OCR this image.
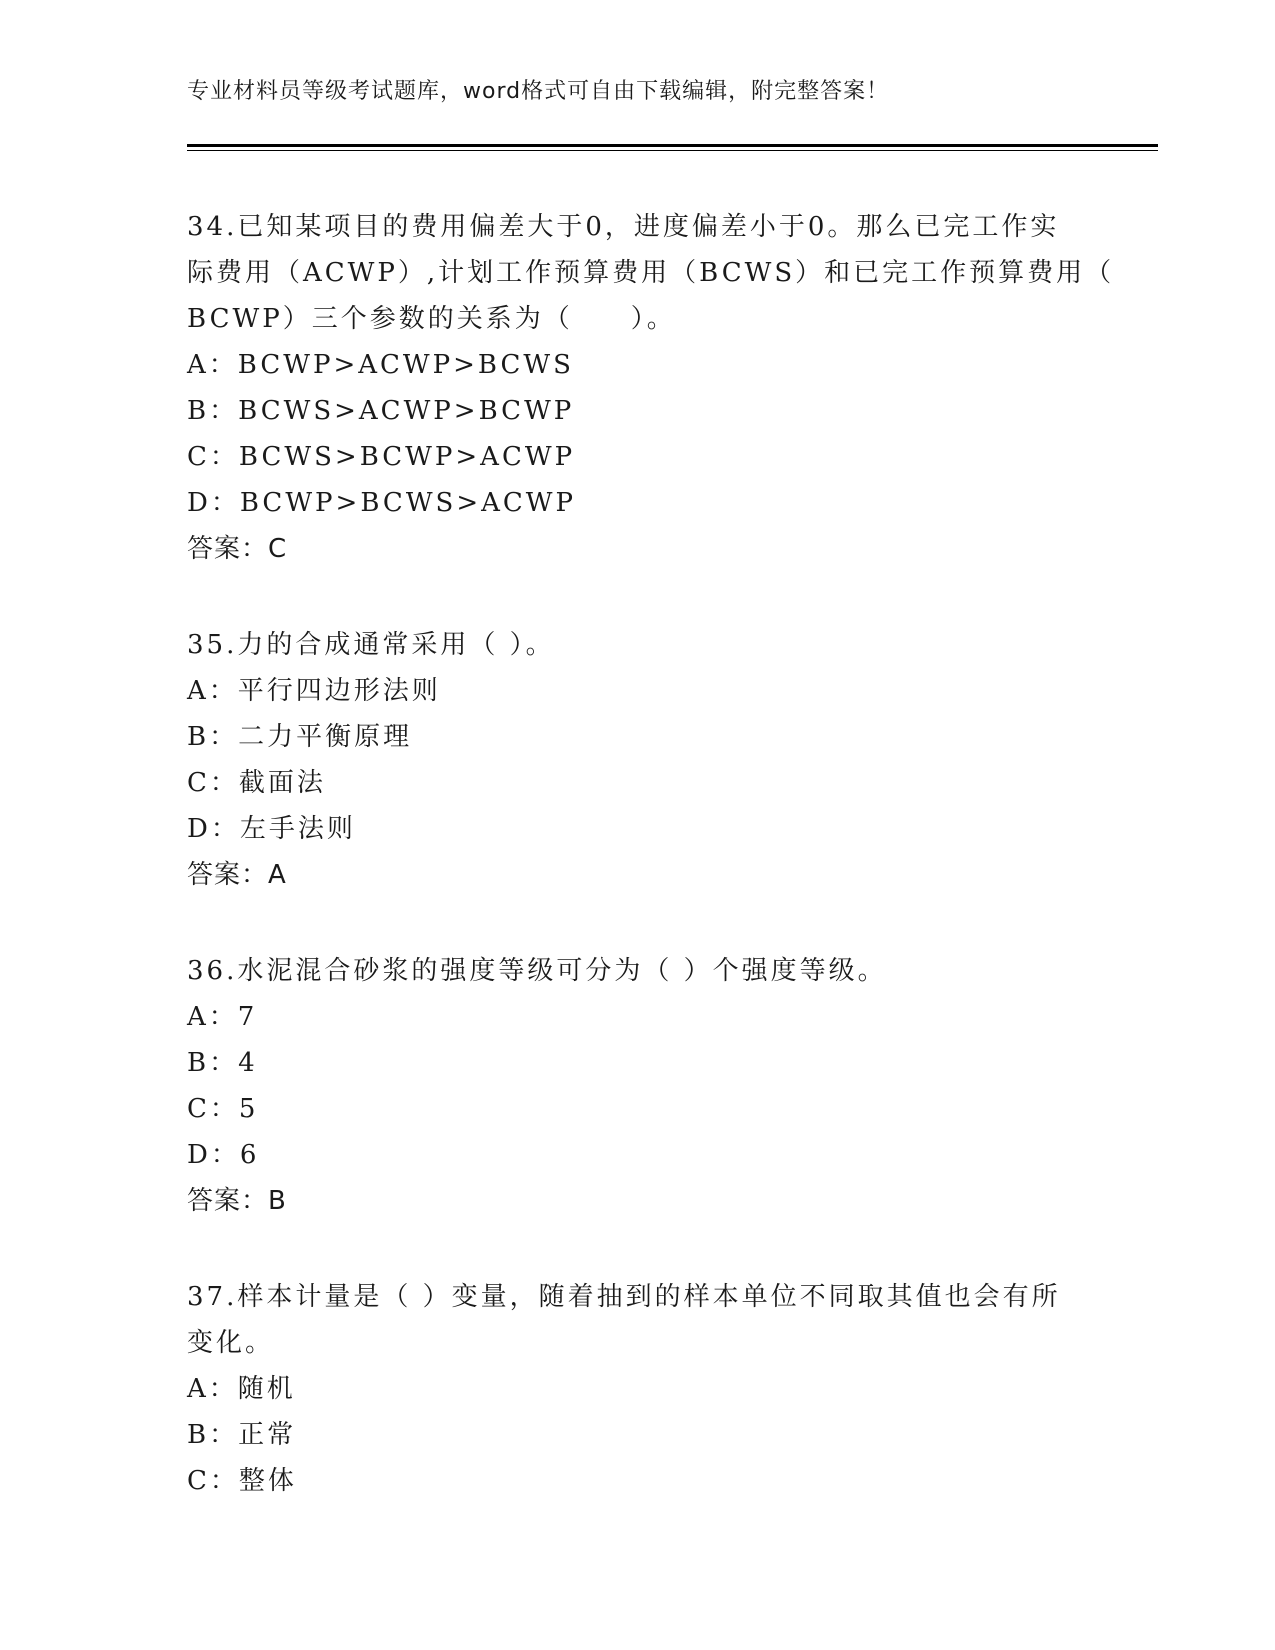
专业材料员等级考试题库，word格式可自由下载编辑，附完整答案！
34.已知某项目的费用偏差大于0，进度偏差小于0。那么已完工作实
际费用（ACWP）,计划工作预算费用（BCWS）和已完工作预算费用（
BCWP）三个参数的关系为（　　）。
A：BCWP>ACWP>BCWS
B：BCWS>ACWP>BCWP
C：BCWS>BCWP>ACWP
D：BCWP>BCWS>ACWP
答案：C
35.力的合成通常采用（ ）。
A：平行四边形法则
B：二力平衡原理
C：截面法
D：左手法则
答案：A
36.水泥混合砂浆的强度等级可分为（ ）个强度等级。
A：7
B：4
C：5
D：6
答案：B
37.样本计量是（ ）变量，随着抽到的样本单位不同取其值也会有所
变化。
A：随机
B：正常
C：整体
